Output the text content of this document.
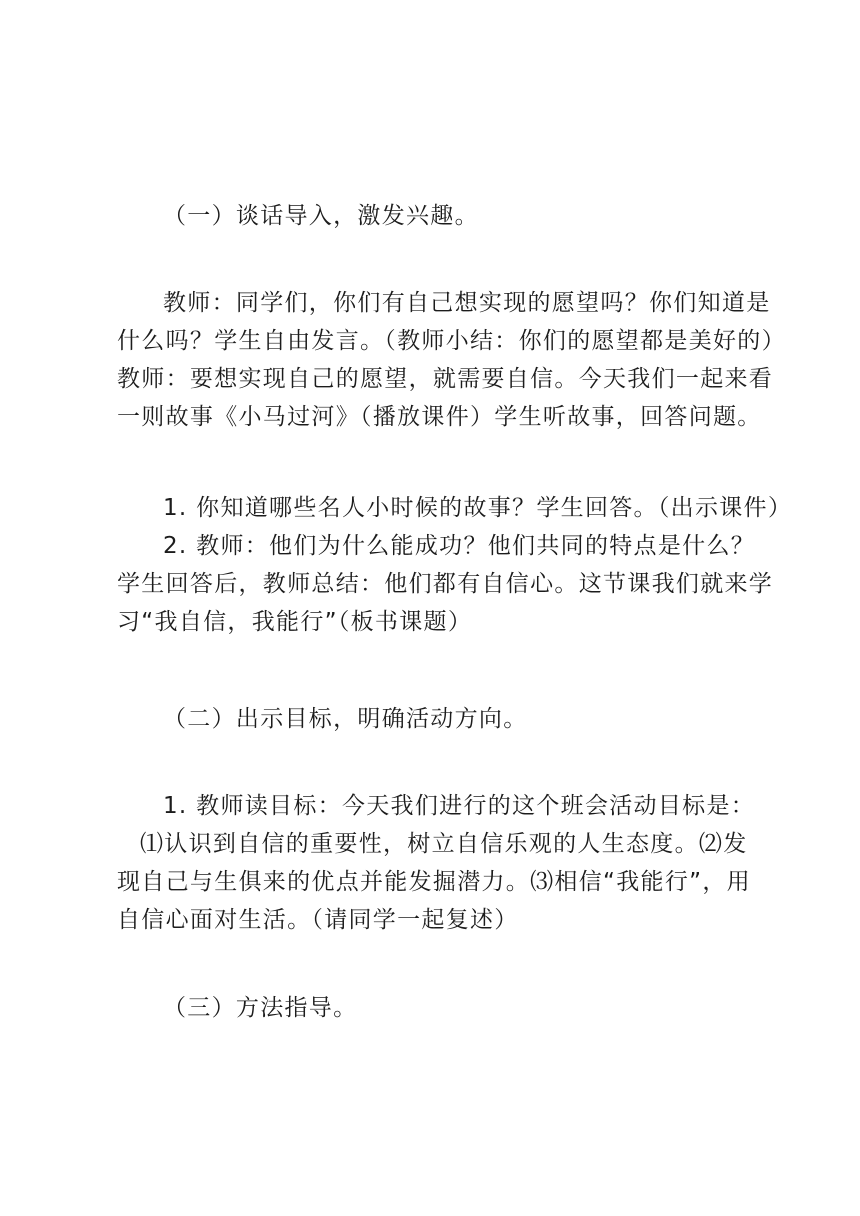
（一）谈话导入，激发兴趣。
教师：同学们，你们有自己想实现的愿望吗？你们知道是
什么吗？学生自由发言。（教师小结：你们的愿望都是美好的）
教师：要想实现自己的愿望，就需要自信。今天我们一起来看
一则故事《小马过河》（播放课件）学生听故事，回答问题。
1. 你知道哪些名人小时候的故事？学生回答。（出示课件）
2. 教师：他们为什么能成功？他们共同的特点是什么？
学生回答后，教师总结：他们都有自信心。这节课我们就来学
习“我自信，我能行”（板书课题）
（二）出示目标，明确活动方向。
1. 教师读目标：今天我们进行的这个班会活动目标是：
⑴认识到自信的重要性，树立自信乐观的人生态度。⑵发
现自己与生俱来的优点并能发掘潜力。⑶相信“我能行”，用
自信心面对生活。（请同学一起复述）
（三）方法指导。
